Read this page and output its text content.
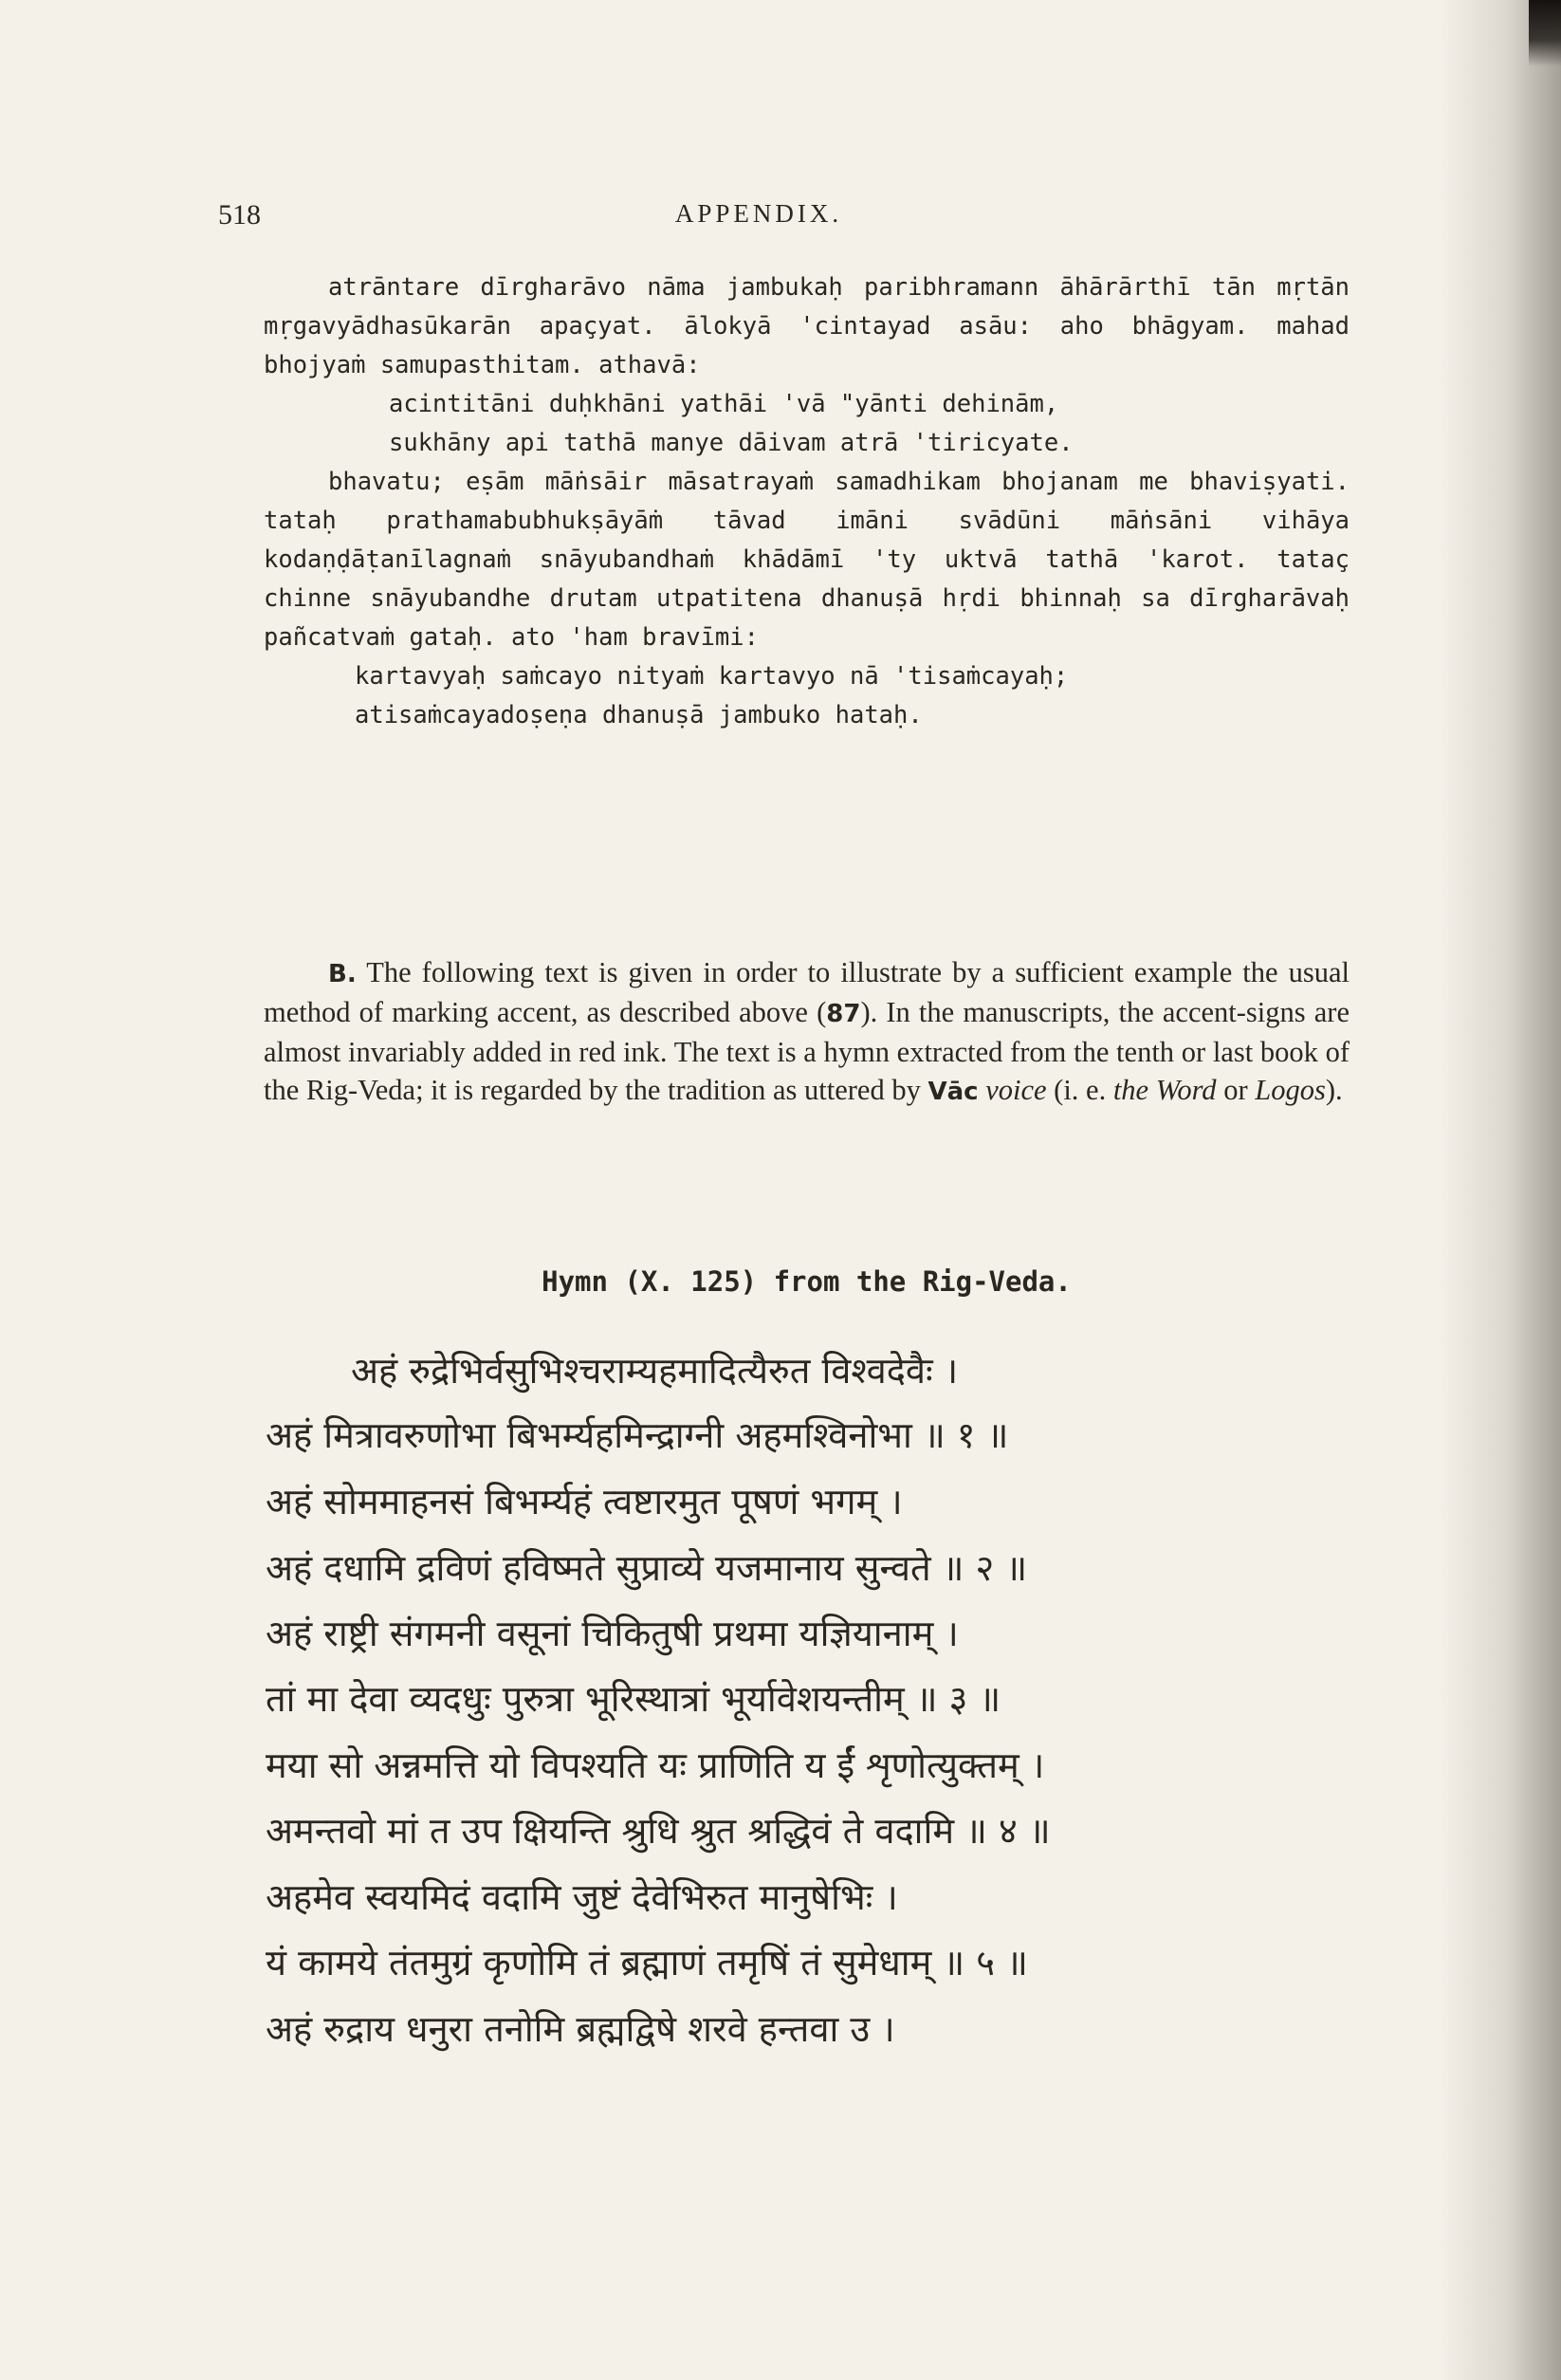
518	APPENDIX.
atrāntare dīrgharāvo nāma jambukaḥ paribhramann āhārārthī tān mṛtān mṛgavyādhasūkarān apaçyat. ālokyā 'cintayad asāu: aho bhāgyam. mahad bhojyaṁ samupasthitam. athavā:
acintitāni duḥkhāni yathāi 'vā "yānti dehinām,
sukhāny api tathā manye dāivam atrā 'tiricyate.
bhavatu; eṣām māṅsāir māsatrayaṁ samadhikam bhojanam me bhaviṣyati. tataḥ prathamabubhukṣāyāṁ tāvad imāni svādūni māṅsāni vihāya kodaṇḍāṭanīlagnaṁ snāyubandhaṁ khādāmī 'ty uktvā tathā 'karot. tataç chinne snāyubandhe drutam utpatitena dhanuṣā hṛdi bhinnaḥ sa dīrgharāvaḥ pañcatvaṁ gataḥ. ato 'ham bravīmi:
kartavyaḥ saṁcayo nityaṁ kartavyo nā 'tisaṁcayaḥ;
atisaṁcayadoṣeṇa dhanuṣā jambuko hataḥ.
B. The following text is given in order to illustrate by a sufficient example the usual method of marking accent, as described above (87). In the manuscripts, the accent-signs are almost invariably added in red ink. The text is a hymn extracted from the tenth or last book of the Rig-Veda; it is regarded by the tradition as uttered by Vāc voice (i. e. the Word or Logos).
Hymn (X. 125) from the Rig-Veda.
अहं रुद्रेभिर्वसुभिश्चराम्यहमादित्यैरुत विश्वदेवैः ।
अहं मित्रावरुणोभा बिभर्म्यहमिन्द्राग्नी अहमश्विनोभा ॥ १ ॥
अहं सोममाहनसं बिभर्म्यहं त्वष्टारमुत पूषणं भगम् ।
अहं दधामि द्रविणं हविष्मते सुप्राव्ये यजमानाय सुन्वते ॥ २ ॥
अहं राष्ट्री संगमनी वसूनां चिकितुषी प्रथमा यज्ञियानाम् ।
तां मा देवा व्यदधुः पुरुत्रा भूरिस्थात्रां भूर्यावेशयन्तीम् ॥ ३ ॥
मया सो अन्नमत्ति यो विपश्यति यः प्राणिति य ईं शृणोत्युक्तम् ।
अमन्तवो मां त उप क्षियन्ति श्रुधि श्रुत श्रद्धिवं ते वदामि ॥ ४ ॥
अहमेव स्वयमिदं वदामि जुष्टं देवेभिरुत मानुषेभिः ।
यं कामये तंतमुग्रं कृणोमि तं ब्रह्माणं तमृषिं तं सुमेधाम् ॥ ५ ॥
अहं रुद्राय धनुरा तनोमि ब्रह्मद्विषे शरवे हन्तवा उ ।
